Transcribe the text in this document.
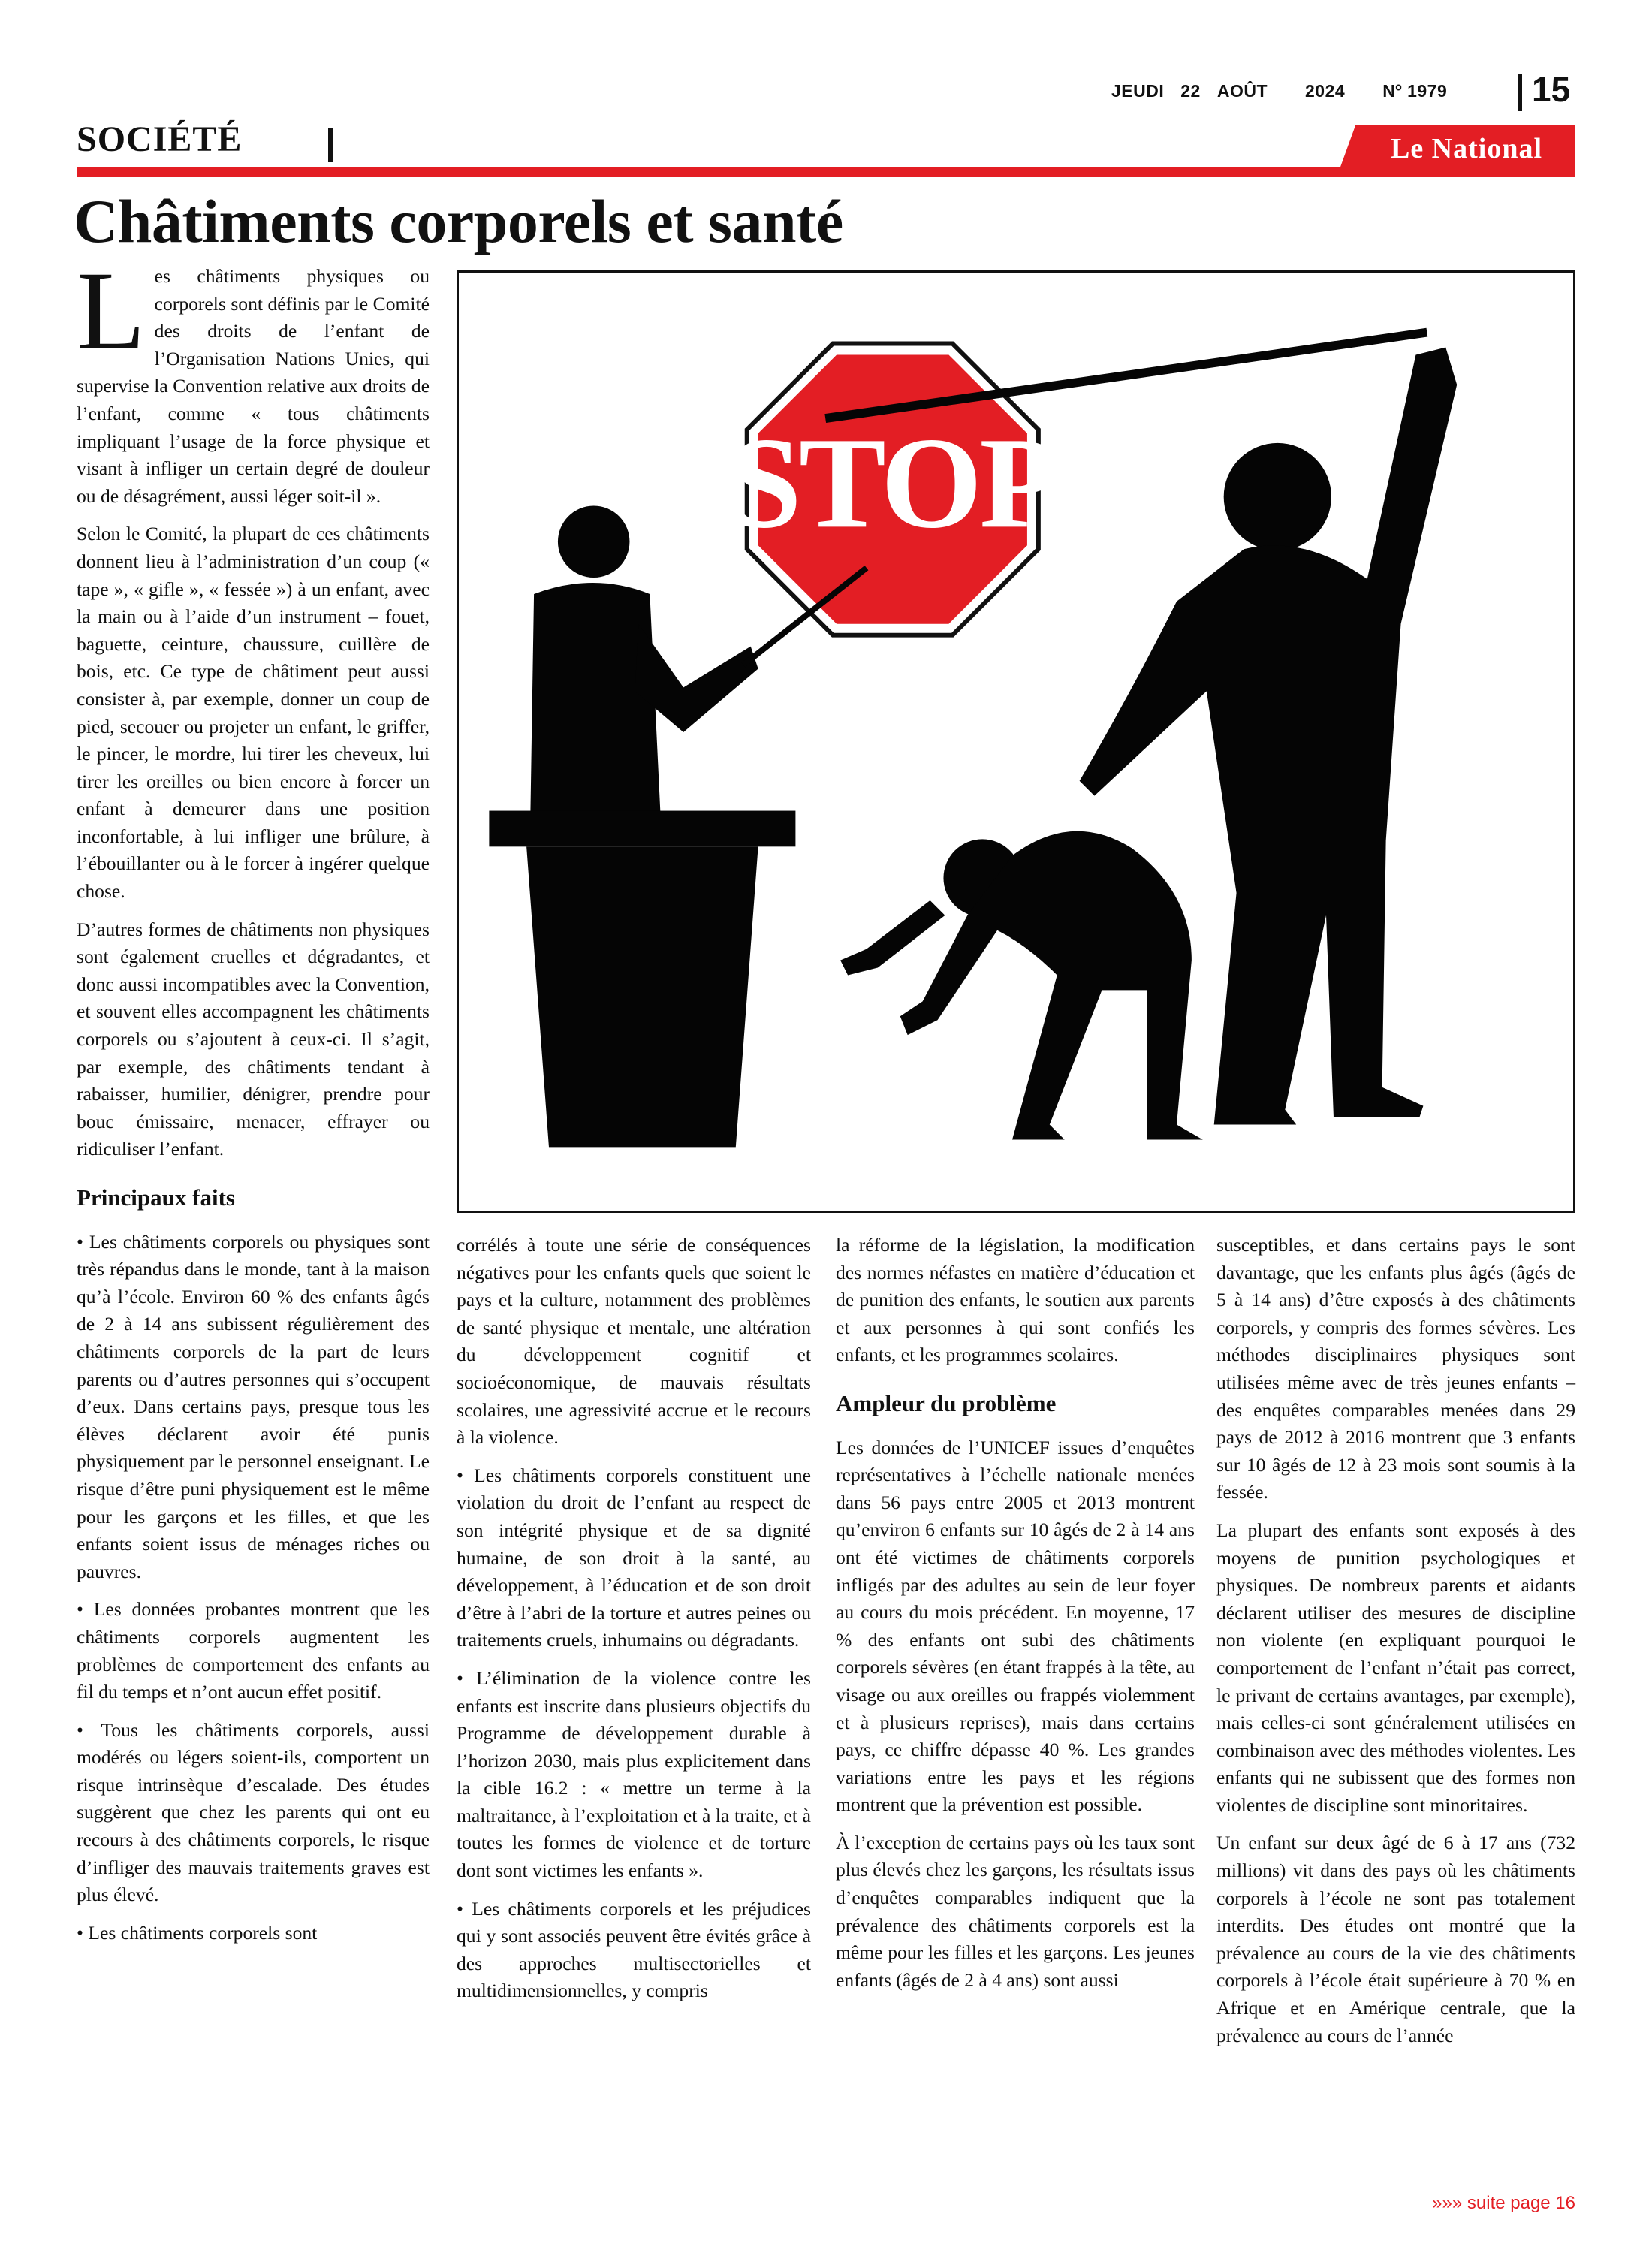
JEUDI 22 AOÛT 2024 Nº 1979 15
SOCIÉTÉ	Le National
Châtiments corporels et santé

Les châtiments physiques ou corporels sont définis par le Comité des droits de l’enfant de l’Organisation Nations Unies, qui supervise la Convention relative aux droits de l’enfant, comme « tous châtiments impliquant l’usage de la force physique et visant à infliger un certain degré de douleur ou de désagrément, aussi léger soit-il ».

Selon le Comité, la plupart de ces châtiments donnent lieu à l’administration d’un coup (« tape », « gifle », « fessée ») à un enfant, avec la main ou à l’aide d’un instrument – fouet, baguette, ceinture, chaussure, cuillère de bois, etc. Ce type de châtiment peut aussi consister à, par exemple, donner un coup de pied, secouer ou projeter un enfant, le griffer, le pincer, le mordre, lui tirer les cheveux, lui tirer les oreilles ou bien encore à forcer un enfant à demeurer dans une position inconfortable, à lui infliger une brûlure, à l’ébouillanter ou à le forcer à ingérer quelque chose.

D’autres formes de châtiments non physiques sont également cruelles et dégradantes, et donc aussi incompatibles avec la Convention, et souvent elles accompagnent les châtiments corporels ou s’ajoutent à ceux-ci. Il s’agit, par exemple, des châtiments tendant à rabaisser, humilier, dénigrer, prendre pour bouc émissaire, menacer, effrayer ou ridiculiser l’enfant.

Principaux faits

• Les châtiments corporels ou physiques sont très répandus dans le monde, tant à la maison qu’à l’école. Environ 60 % des enfants âgés de 2 à 14 ans subissent régulièrement des châtiments corporels de la part de leurs parents ou d’autres personnes qui s’occupent d’eux. Dans certains pays, presque tous les élèves déclarent avoir été punis physiquement par le personnel enseignant. Le risque d’être puni physiquement est le même pour les garçons et les filles, et que les enfants soient issus de ménages riches ou pauvres.

• Les données probantes montrent que les châtiments corporels augmentent les problèmes de comportement des enfants au fil du temps et n’ont aucun effet positif.

• Tous les châtiments corporels, aussi modérés ou légers soient-ils, comportent un risque intrinsèque d’escalade. Des études suggèrent que chez les parents qui ont eu recours à des châtiments corporels, le risque d’infliger des mauvais traitements graves est plus élevé.

• Les châtiments corporels sont

STOP

corrélés à toute une série de conséquences négatives pour les enfants quels que soient le pays et la culture, notamment des problèmes de santé physique et mentale, une altération du développement cognitif et socioéconomique, de mauvais résultats scolaires, une agressivité accrue et le recours à la violence.

• Les châtiments corporels constituent une violation du droit de l’enfant au respect de son intégrité physique et de sa dignité humaine, de son droit à la santé, au développement, à l’éducation et de son droit d’être à l’abri de la torture et autres peines ou traitements cruels, inhumains ou dégradants.

• L’élimination de la violence contre les enfants est inscrite dans plusieurs objectifs du Programme de développement durable à l’horizon 2030, mais plus explicitement dans la cible 16.2 : « mettre un terme à la maltraitance, à l’exploitation et à la traite, et à toutes les formes de violence et de torture dont sont victimes les enfants ».

• Les châtiments corporels et les préjudices qui y sont associés peuvent être évités grâce à des approches multisectorielles et multidimensionnelles, y compris

la réforme de la législation, la modification des normes néfastes en matière d’éducation et de punition des enfants, le soutien aux parents et aux personnes à qui sont confiés les enfants, et les programmes scolaires.

Ampleur du problème

Les données de l’UNICEF issues d’enquêtes représentatives à l’échelle nationale menées dans 56 pays entre 2005 et 2013 montrent qu’environ 6 enfants sur 10 âgés de 2 à 14 ans ont été victimes de châtiments corporels infligés par des adultes au sein de leur foyer au cours du mois précédent. En moyenne, 17 % des enfants ont subi des châtiments corporels sévères (en étant frappés à la tête, au visage ou aux oreilles ou frappés violemment et à plusieurs reprises), mais dans certains pays, ce chiffre dépasse 40 %. Les grandes variations entre les pays et les régions montrent que la prévention est possible.

À l’exception de certains pays où les taux sont plus élevés chez les garçons, les résultats issus d’enquêtes comparables indiquent que la prévalence des châtiments corporels est la même pour les filles et les garçons. Les jeunes enfants (âgés de 2 à 4 ans) sont aussi

susceptibles, et dans certains pays le sont davantage, que les enfants plus âgés (âgés de 5 à 14 ans) d’être exposés à des châtiments corporels, y compris des formes sévères. Les méthodes disciplinaires physiques sont utilisées même avec de très jeunes enfants – des enquêtes comparables menées dans 29 pays de 2012 à 2016 montrent que 3 enfants sur 10 âgés de 12 à 23 mois sont soumis à la fessée.

La plupart des enfants sont exposés à des moyens de punition psychologiques et physiques. De nombreux parents et aidants déclarent utiliser des mesures de discipline non violente (en expliquant pourquoi le comportement de l’enfant n’était pas correct, le privant de certains avantages, par exemple), mais celles-ci sont généralement utilisées en combinaison avec des méthodes violentes. Les enfants qui ne subissent que des formes non violentes de discipline sont minoritaires.

Un enfant sur deux âgé de 6 à 17 ans (732 millions) vit dans des pays où les châtiments corporels à l’école ne sont pas totalement interdits. Des études ont montré que la prévalence au cours de la vie des châtiments corporels à l’école était supérieure à 70 % en Afrique et en Amérique centrale, que la prévalence au cours de l’année

»»» suite page 16
